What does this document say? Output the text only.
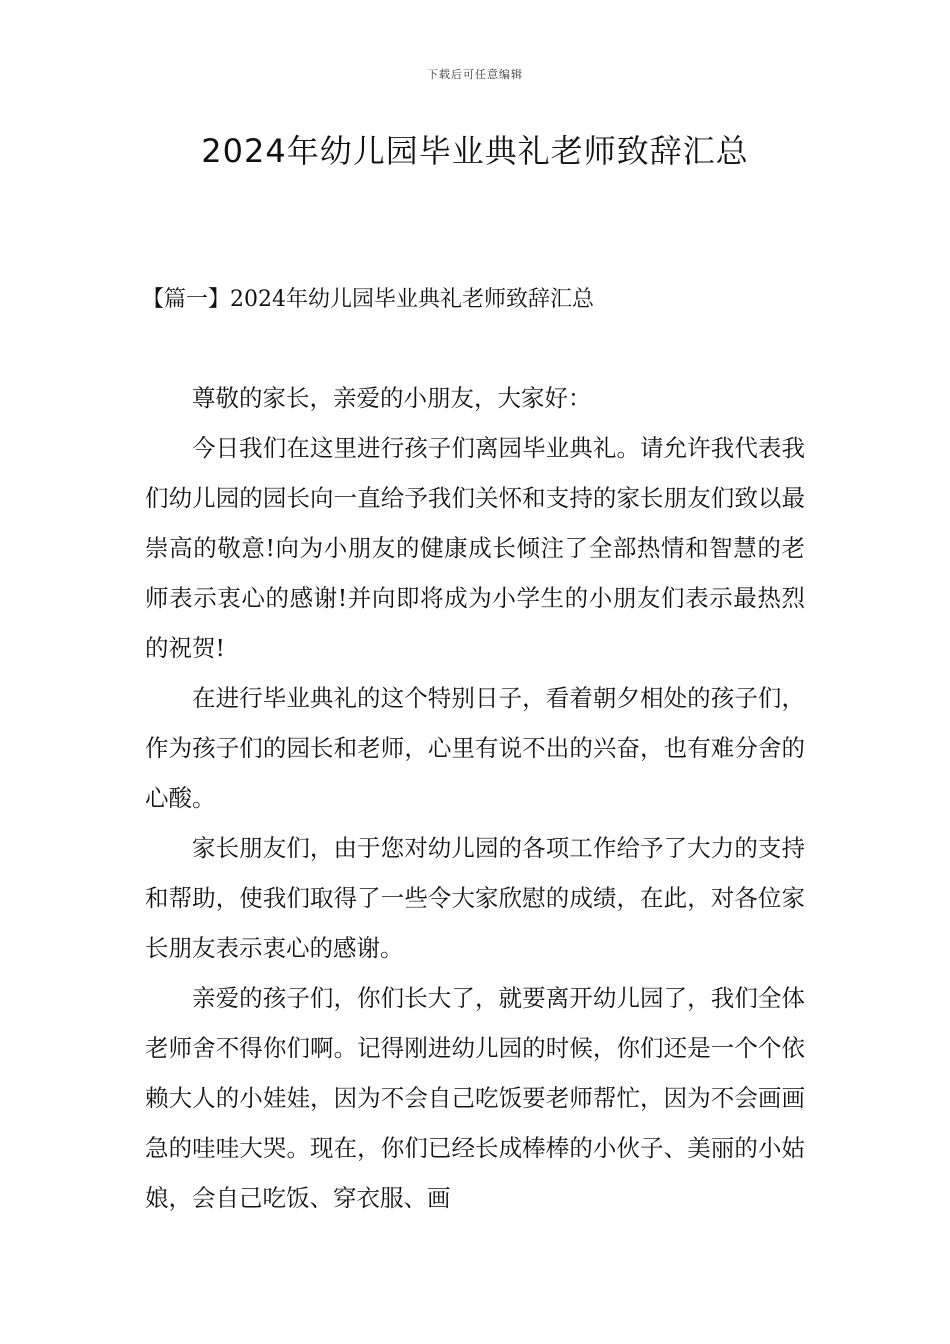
下载后可任意编辑
2024年幼儿园毕业典礼老师致辞汇总
【篇一】2024年幼儿园毕业典礼老师致辞汇总

尊敬的家长，亲爱的小朋友，大家好：

今日我们在这里进行孩子们离园毕业典礼。请允许我代表我们幼儿园的园长向一直给予我们关怀和支持的家长朋友们致以最崇高的敬意!向为小朋友的健康成长倾注了全部热情和智慧的老师表示衷心的感谢!并向即将成为小学生的小朋友们表示最热烈的祝贺!

在进行毕业典礼的这个特别日子，看着朝夕相处的孩子们，作为孩子们的园长和老师，心里有说不出的兴奋，也有难分舍的心酸。

家长朋友们，由于您对幼儿园的各项工作给予了大力的支持和帮助，使我们取得了一些令大家欣慰的成绩，在此，对各位家长朋友表示衷心的感谢。

亲爱的孩子们，你们长大了，就要离开幼儿园了，我们全体老师舍不得你们啊。记得刚进幼儿园的时候，你们还是一个个依赖大人的小娃娃，因为不会自己吃饭要老师帮忙，因为不会画画急的哇哇大哭。现在，你们已经长成棒棒的小伙子、美丽的小姑娘，会自己吃饭、穿衣服、画
